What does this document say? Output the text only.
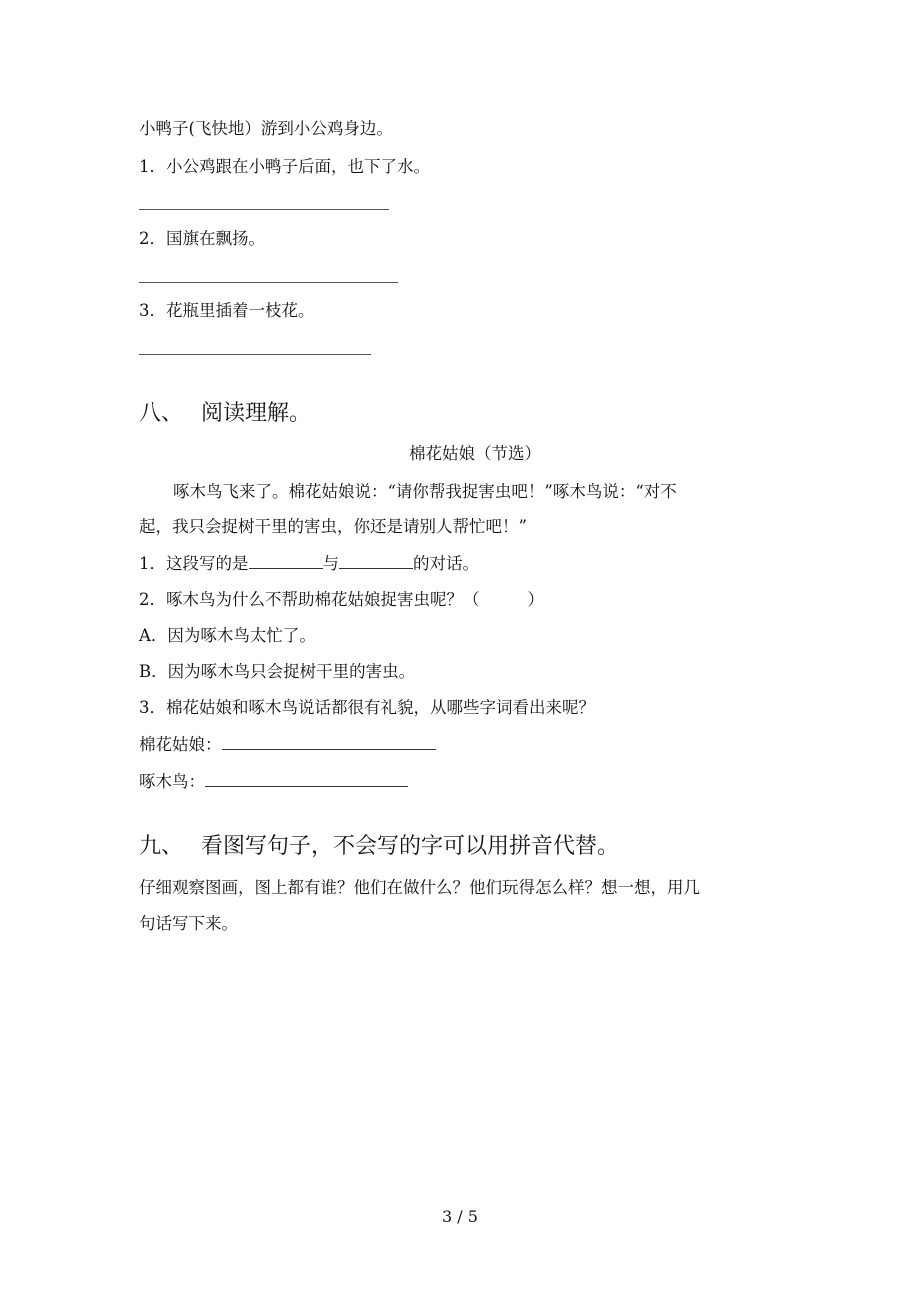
小鸭子(飞快地）游到小公鸡身边。
1．小公鸡跟在小鸭子后面，也下了水。
2．国旗在飘扬。
3．花瓶里插着一枝花。
八、 阅读理解。
棉花姑娘（节选）
啄木鸟飞来了。棉花姑娘说：“请你帮我捉害虫吧！”啄木鸟说：“对不
起，我只会捉树干里的害虫，你还是请别人帮忙吧！”
1．这段写的是	与	的对话。
2．啄木鸟为什么不帮助棉花姑娘捉害虫呢？（	）
A．因为啄木鸟太忙了。
B．因为啄木鸟只会捉树干里的害虫。
3．棉花姑娘和啄木鸟说话都很有礼貌，从哪些字词看出来呢？
棉花姑娘：
啄木鸟：
九、 看图写句子，不会写的字可以用拼音代替。
仔细观察图画，图上都有谁？他们在做什么？他们玩得怎么样？想一想，用几
句话写下来。
3 / 5
